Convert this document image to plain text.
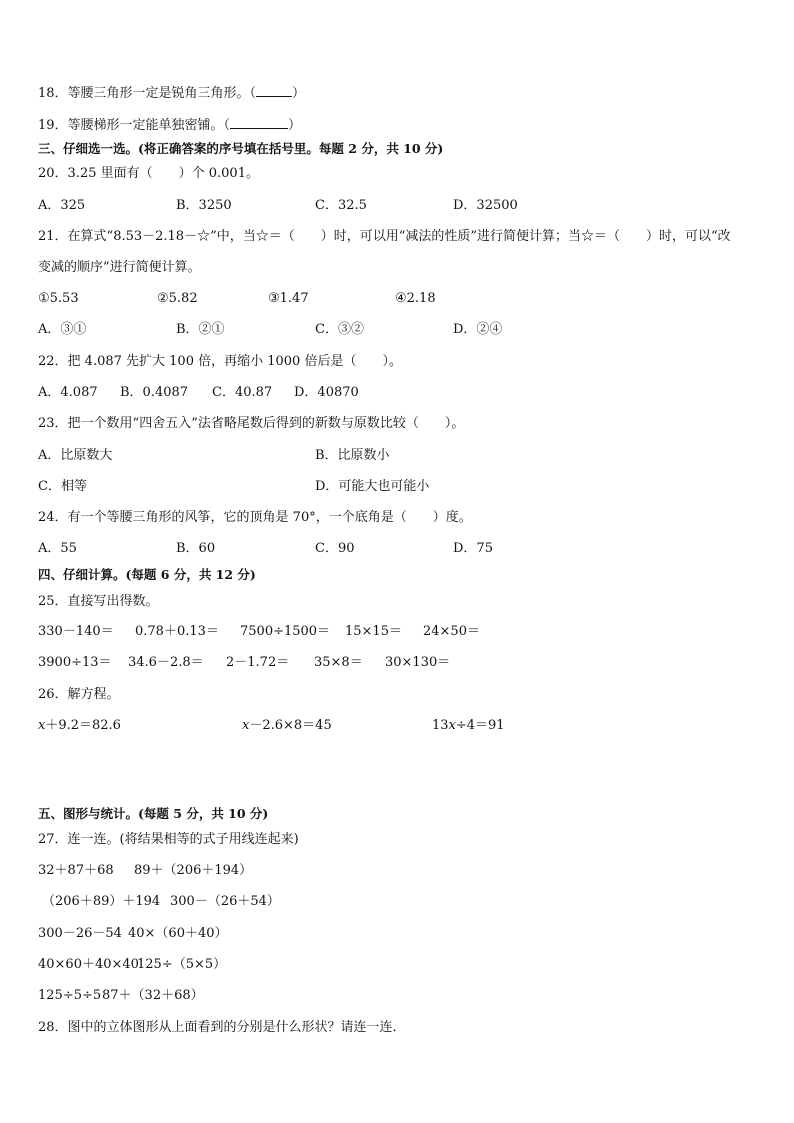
18．等腰三角形一定是锐角三角形。（	）
19．等腰梯形一定能单独密铺。（	）
三、仔细选一选。(将正确答案的序号填在括号里。每题 2 分，共 10 分)
20．3.25 里面有（　　）个 0.001。
A．325	B．3250	C．32.5	D．32500
21．在算式“8.53－2.18－☆”中，当☆＝（　　）时，可以用“减法的性质”进行简便计算；当☆＝（　　）时，可以“改
变减的顺序”进行简便计算。
①5.53	②5.82	③1.47	④2.18
A．③①	B．②①	C．③②	D．②④
22．把 4.087 先扩大 100 倍，再缩小 1000 倍后是（　　）。
A．4.087 B．0.4087 C．40.87 D．40870
23．把一个数用“四舍五入”法省略尾数后得到的新数与原数比较（　　）。
A．比原数大	B．比原数小
C．相等	D．可能大也可能小
24．有一个等腰三角形的风筝，它的顶角是 70°，一个底角是（　　）度。
A．55	B．60	C．90	D．75
四、仔细计算。(每题 6 分，共 12 分)
25．直接写出得数。
330－140＝ 0.78＋0.13＝ 7500÷1500＝ 15×15＝ 24×50＝
3900÷13＝ 34.6－2.8＝ 2－1.72＝ 35×8＝ 30×130＝
26．解方程。
𝑥＋9.2＝82.6	𝑥－2.6×8＝45	13𝑥÷4＝91
五、图形与统计。(每题 5 分，共 10 分)
27．连一连。(将结果相等的式子用线连起来)
32＋87＋68 89＋（206＋194）
（206＋89）＋194 300－（26＋54）
300－26－54 40×（60＋40）
40×60＋40×40
125÷（5×5）
125÷5÷5 87＋（32＋68）
28．图中的立体图形从上面看到的分别是什么形状？请连一连．
